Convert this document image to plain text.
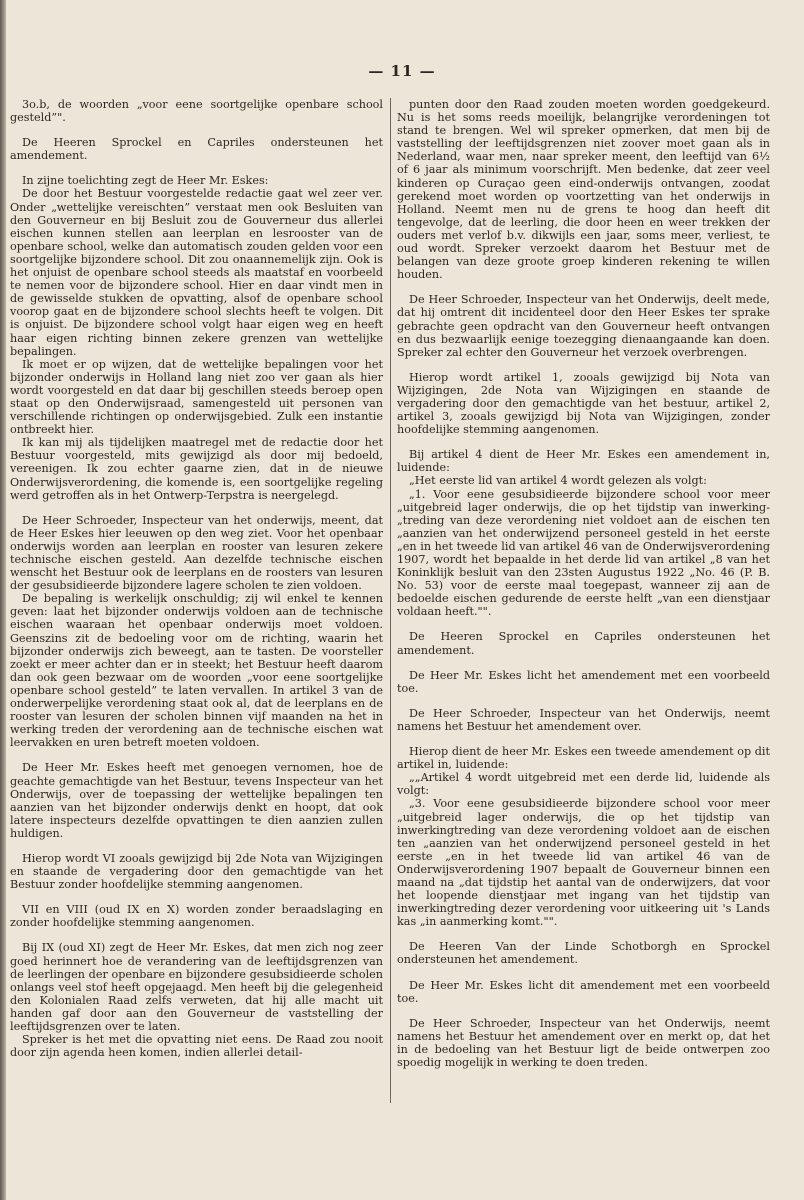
— 11 —

3o.b, de woorden „voor eene soortgelijke openbare school gesteld”".

De Heeren Sprockel en Capriles ondersteunen het amendement.

In zijne toelichting zegt de Heer Mr. Eskes:

De door het Bestuur voorgestelde redactie gaat wel zeer ver. Onder „wettelijke vereischten” verstaat men ook Besluiten van den Gouverneur en bij Besluit zou de Gouverneur dus allerlei eischen kunnen stellen aan leerplan en lesrooster van de openbare school, welke dan automatisch zouden gelden voor een soortgelijke bijzondere school. Dit zou onaannemelijk zijn. Ook is het onjuist de openbare school steeds als maatstaf en voorbeeld te nemen voor de bijzondere school. Hier en daar vindt men in de gewisselde stukken de opvatting, alsof de openbare school voorop gaat en de bijzondere school slechts heeft te volgen. Dit is onjuist. De bijzondere school volgt haar eigen weg en heeft haar eigen richting binnen zekere grenzen van wettelijke bepalingen.

Ik moet er op wijzen, dat de wettelijke bepalingen voor het bijzonder onderwijs in Holland lang niet zoo ver gaan als hier wordt voorgesteld en dat daar bij geschillen steeds beroep open staat op den Onderwijsraad, samengesteld uit personen van verschillende richtingen op onderwijsgebied. Zulk een instantie ontbreekt hier.

Ik kan mij als tijdelijken maatregel met de redactie door het Bestuur voorgesteld, mits gewijzigd als door mij bedoeld, vereenigen. Ik zou echter gaarne zien, dat in de nieuwe Onderwijsverordening, die komende is, een soortgelijke regeling werd getroffen als in het Ontwerp-Terpstra is neergelegd.

De Heer Schroeder, Inspecteur van het onderwijs, meent, dat de Heer Eskes hier leeuwen op den weg ziet. Voor het openbaar onderwijs worden aan leerplan en rooster van lesuren zekere technische eischen gesteld. Aan dezelfde technische eischen wenscht het Bestuur ook de leerplans en de roosters van lesuren der gesubsidieerde bijzondere lagere scholen te zien voldoen.

De bepaling is werkelijk onschuldig; zij wil enkel te kennen geven: laat het bijzonder onderwijs voldoen aan de technische eischen waaraan het openbaar onderwijs moet voldoen. Geenszins zit de bedoeling voor om de richting, waarin het bijzonder onderwijs zich beweegt, aan te tasten. De voorsteller zoekt er meer achter dan er in steekt; het Bestuur heeft daarom dan ook geen bezwaar om de woorden „voor eene soortgelijke openbare school gesteld” te laten vervallen. In artikel 3 van de onderwerpelijke verordening staat ook al, dat de leerplans en de rooster van lesuren der scholen binnen vijf maanden na het in werking treden der verordening aan de technische eischen wat leervakken en uren betreft moeten voldoen.

De Heer Mr. Eskes heeft met genoegen vernomen, hoe de geachte gemachtigde van het Bestuur, tevens Inspecteur van het Onderwijs, over de toepassing der wettelijke bepalingen ten aanzien van het bijzonder onderwijs denkt en hoopt, dat ook latere inspecteurs dezelfde opvattingen te dien aanzien zullen huldigen.

Hierop wordt VI zooals gewijzigd bij 2de Nota van Wijzigingen en staande de vergadering door den gemachtigde van het Bestuur zonder hoofdelijke stemming aangenomen.

VII en VIII (oud IX en X) worden zonder beraadslaging en zonder hoofdelijke stemming aangenomen.

Bij IX (oud XI) zegt de Heer Mr. Eskes, dat men zich nog zeer goed herinnert hoe de verandering van de leeftijdsgrenzen van de leerlingen der openbare en bijzondere gesubsidieerde scholen onlangs veel stof heeft opgejaagd. Men heeft bij die gelegenheid den Kolonialen Raad zelfs verweten, dat hij alle macht uit handen gaf door aan den Gouverneur de vaststelling der leeftijdsgrenzen over te laten.

Spreker is het met die opvatting niet eens. De Raad zou nooit door zijn agenda heen komen, indien allerlei detail-

punten door den Raad zouden moeten worden goedgekeurd. Nu is het soms reeds moeilijk, belangrijke verordeningen tot stand te brengen. Wel wil spreker opmerken, dat men bij de vaststelling der leeftijdsgrenzen niet zoover moet gaan als in Nederland, waar men, naar spreker meent, den leeftijd van 6½ of 6 jaar als minimum voorschrijft. Men bedenke, dat zeer veel kinderen op Curaçao geen eind-onderwijs ontvangen, zoodat gerekend moet worden op voortzetting van het onderwijs in Holland. Neemt men nu de grens te hoog dan heeft dit tengevolge, dat de leerling, die door heen en weer trekken der ouders met verlof b.v. dikwijls een jaar, soms meer, verliest, te oud wordt. Spreker verzoekt daarom het Bestuur met de belangen van deze groote groep kinderen rekening te willen houden.

De Heer Schroeder, Inspecteur van het Onderwijs, deelt mede, dat hij omtrent dit incidenteel door den Heer Eskes ter sprake gebrachte geen opdracht van den Gouverneur heeft ontvangen en dus bezwaarlijk eenige toezegging dienaangaande kan doen. Spreker zal echter den Gouverneur het verzoek overbrengen.

Hierop wordt artikel 1, zooals gewijzigd bij Nota van Wijzigingen, 2de Nota van Wijzigingen en staande de vergadering door den gemachtigde van het bestuur, artikel 2, artikel 3, zooals gewijzigd bij Nota van Wijzigingen, zonder hoofdelijke stemming aangenomen.

Bij artikel 4 dient de Heer Mr. Eskes een amendement in, luidende:

„Het eerste lid van artikel 4 wordt gelezen als volgt:

„1. Voor eene gesubsidieerde bijzondere school voor meer „uitgebreid lager onderwijs, die op het tijdstip van inwerking-„treding van deze verordening niet voldoet aan de eischen ten „aanzien van het onderwijzend personeel gesteld in het eerste „en in het tweede lid van artikel 46 van de Onderwijsverordening 1907, wordt het bepaalde in het derde lid van artikel „8 van het Koninklijk besluit van den 23sten Augustus 1922 „No. 46 (P. B. No. 53) voor de eerste maal toegepast, wanneer zij aan de bedoelde eischen gedurende de eerste helft „van een dienstjaar voldaan heeft."".

De Heeren Sprockel en Capriles ondersteunen het amendement.

De Heer Mr. Eskes licht het amendement met een voorbeeld toe.

De Heer Schroeder, Inspecteur van het Onderwijs, neemt namens het Bestuur het amendement over.

Hierop dient de heer Mr. Eskes een tweede amendement op dit artikel in, luidende:

„„Artikel 4 wordt uitgebreid met een derde lid, luidende als volgt:

„3. Voor eene gesubsidieerde bijzondere school voor meer „uitgebreid lager onderwijs, die op het tijdstip van inwerkingtreding van deze verordening voldoet aan de eischen ten „aanzien van het onderwijzend personeel gesteld in het eerste „en in het tweede lid van artikel 46 van de Onderwijsverordening 1907 bepaalt de Gouverneur binnen een maand na „dat tijdstip het aantal van de onderwijzers, dat voor het loopende dienstjaar met ingang van het tijdstip van inwerkingtreding dezer verordening voor uitkeering uit 's Lands kas „in aanmerking komt."".

De Heeren Van der Linde Schotborgh en Sprockel ondersteunen het amendement.

De Heer Mr. Eskes licht dit amendement met een voorbeeld toe.

De Heer Schroeder, Inspecteur van het Onderwijs, neemt namens het Bestuur het amendement over en merkt op, dat het in de bedoeling van het Bestuur ligt de beide ontwerpen zoo spoedig mogelijk in werking te doen treden.
